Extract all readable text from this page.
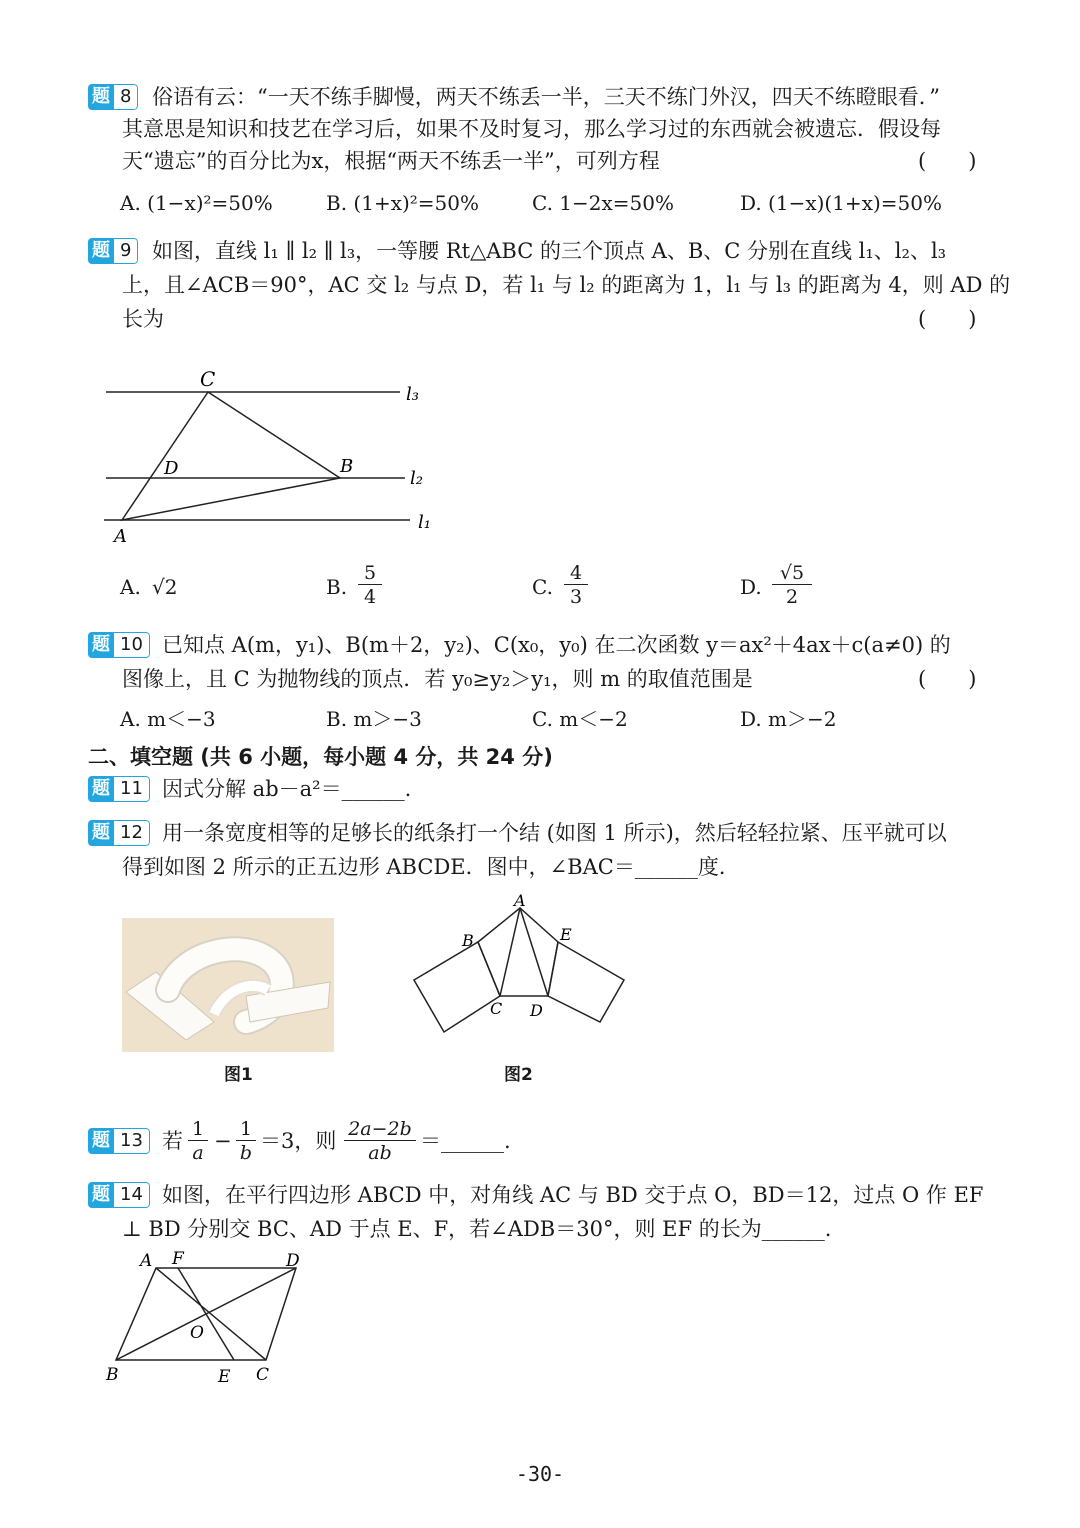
题 8 俗语有云：“一天不练手脚慢，两天不练丢一半，三天不练门外汉，四天不练瞪眼看．”
其意思是知识和技艺在学习后，如果不及时复习，那么学习过的东西就会被遗忘．假设每
天“遗忘”的百分比为x，根据“两天不练丢一半”，可列方程	(　　)
A. (1−x)²=50%	B. (1+x)²=50%	C. 1−2x=50%	D. (1−x)(1+x)=50%
题 9 如图，直线 l₁ ∥ l₂ ∥ l₃，一等腰 Rt△ABC 的三个顶点 A、B、C 分别在直线 l₁、l₂、l₃
上，且∠ACB＝90°，AC 交 l₂ 与点 D，若 l₁ 与 l₂ 的距离为 1，l₁ 与 l₃ 的距离为 4，则 AD 的
长为	(　　)
C
D	B
A
l₃
l₂
l₁
A. √2	B.
5
4	C.
4
3	D.
√5
2
题 10 已知点 A(m，y₁)、B(m＋2，y₂)、C(x₀，y₀) 在二次函数 y＝ax²＋4ax＋c(a≠0) 的
图像上，且 C 为抛物线的顶点．若 y₀≥y₂＞y₁，则 m 的取值范围是	(　　)
A. m＜−3	B. m＞−3	C. m＜−2	D. m＞−2
二、填空题 (共 6 小题，每小题 4 分，共 24 分)
题 11 因式分解 ab－a²＝______.
题 12 用一条宽度相等的足够长的纸条打一个结 (如图 1 所示)，然后轻轻拉紧、压平就可以
得到如图 2 所示的正五边形 ABCDE．图中，∠BAC＝______度．
图1
A
B
C D
E
图2
题 13 若 1
a − 1
b ＝3，则 2a−2b
ab	＝______.
题 14 如图，在平行四边形 ABCD 中，对角线 AC 与 BD 交于点 O，BD＝12，过点 O 作 EF
⊥ BD 分别交 BC、AD 于点 E、F，若∠ADB＝30°，则 EF 的长为______.
A F	D
O
B	E C
-30-
